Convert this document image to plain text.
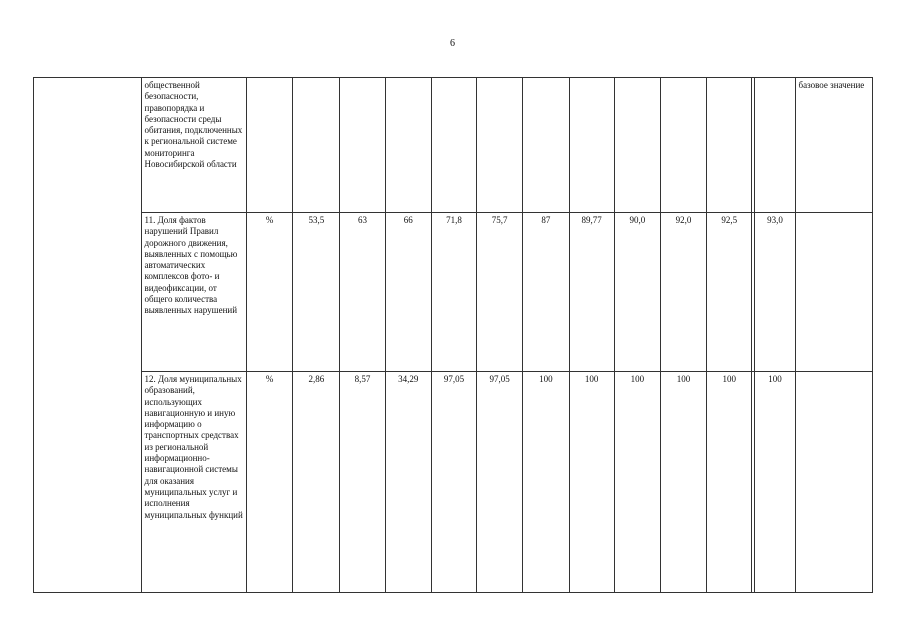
6
	общественной безопасности, правопорядка и безопасности среды обитания, подключенных к региональной системе мониторинга Новосибирской области														базовое значение
	11. Доля фактов нарушений Правил дорожного движения, выявленных с помощью автоматических комплексов фото- и видеофиксации, от общего количества выявленных нарушений	%	53,5	63	66	71,8	75,7	87	89,77	90,0	92,0	92,5		93,0	
	12. Доля муниципальных образований, использующих навигационную и иную информацию о транспортных средствах из региональной информационно-навигационной системы для оказания муниципальных услуг и исполнения муниципальных функций	%	2,86	8,57	34,29	97,05	97,05	100	100	100	100	100		100	
